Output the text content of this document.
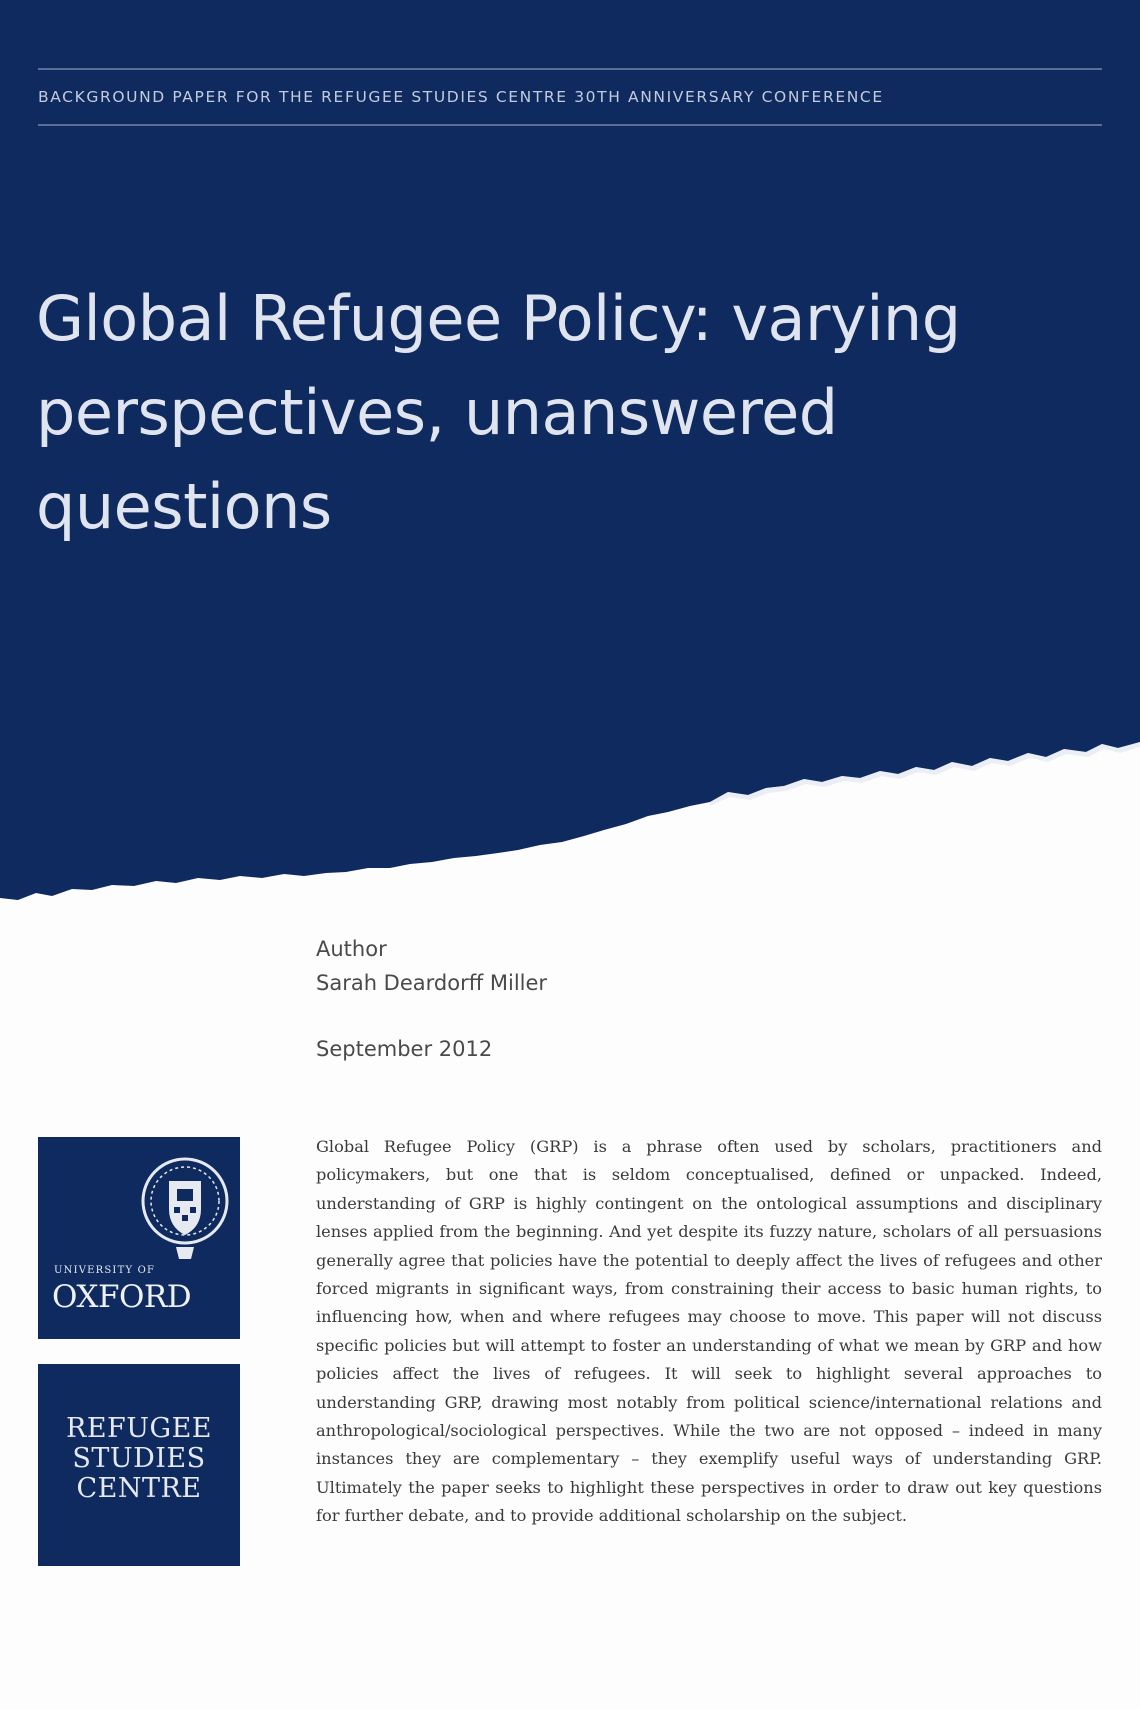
BACKGROUND PAPER FOR THE REFUGEE STUDIES CENTRE 30TH ANNIVERSARY CONFERENCE
Global Refugee Policy: varying perspectives, unanswered questions
Author
Sarah Deardorff Miller
September 2012
UNIVERSITY OF
OXFORD
REFUGEE
STUDIES
CENTRE

Global Refugee Policy (GRP) is a phrase often used by scholars, practitioners and policymakers, but one that is seldom conceptualised, defined or unpacked. Indeed, understanding of GRP is highly contingent on the ontological assumptions and disciplinary lenses applied from the beginning. And yet despite its fuzzy nature, scholars of all persuasions generally agree that policies have the potential to deeply affect the lives of refugees and other forced migrants in significant ways, from constraining their access to basic human rights, to influencing how, when and where refugees may choose to move. This paper will not discuss specific policies but will attempt to foster an understanding of what we mean by GRP and how policies affect the lives of refugees. It will seek to highlight several approaches to understanding GRP, drawing most notably from political science/international relations and anthropological/sociological perspectives. While the two are not opposed – indeed in many instances they are complementary – they exemplify useful ways of understanding GRP. Ultimately the paper seeks to highlight these perspectives in order to draw out key questions for further debate, and to provide additional scholarship on the subject.
